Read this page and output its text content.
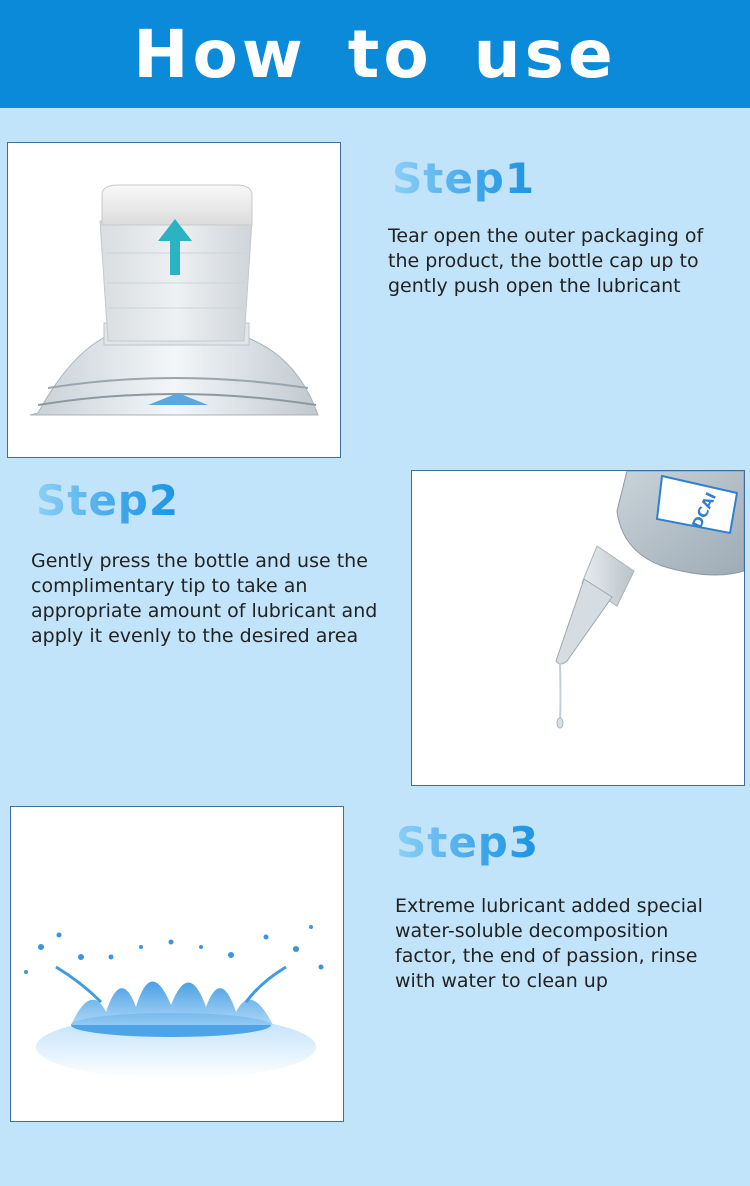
How to use
Step1

Tear open the outer packaging of the product, the bottle cap up to gently push open the lubricant

Step2

Gently press the bottle and use the complimentary tip to take an appropriate amount of lubricant and apply it evenly to the desired area

DCAI
Step3

Extreme lubricant added special water-soluble decomposition factor, the end of passion, rinse with water to clean up
